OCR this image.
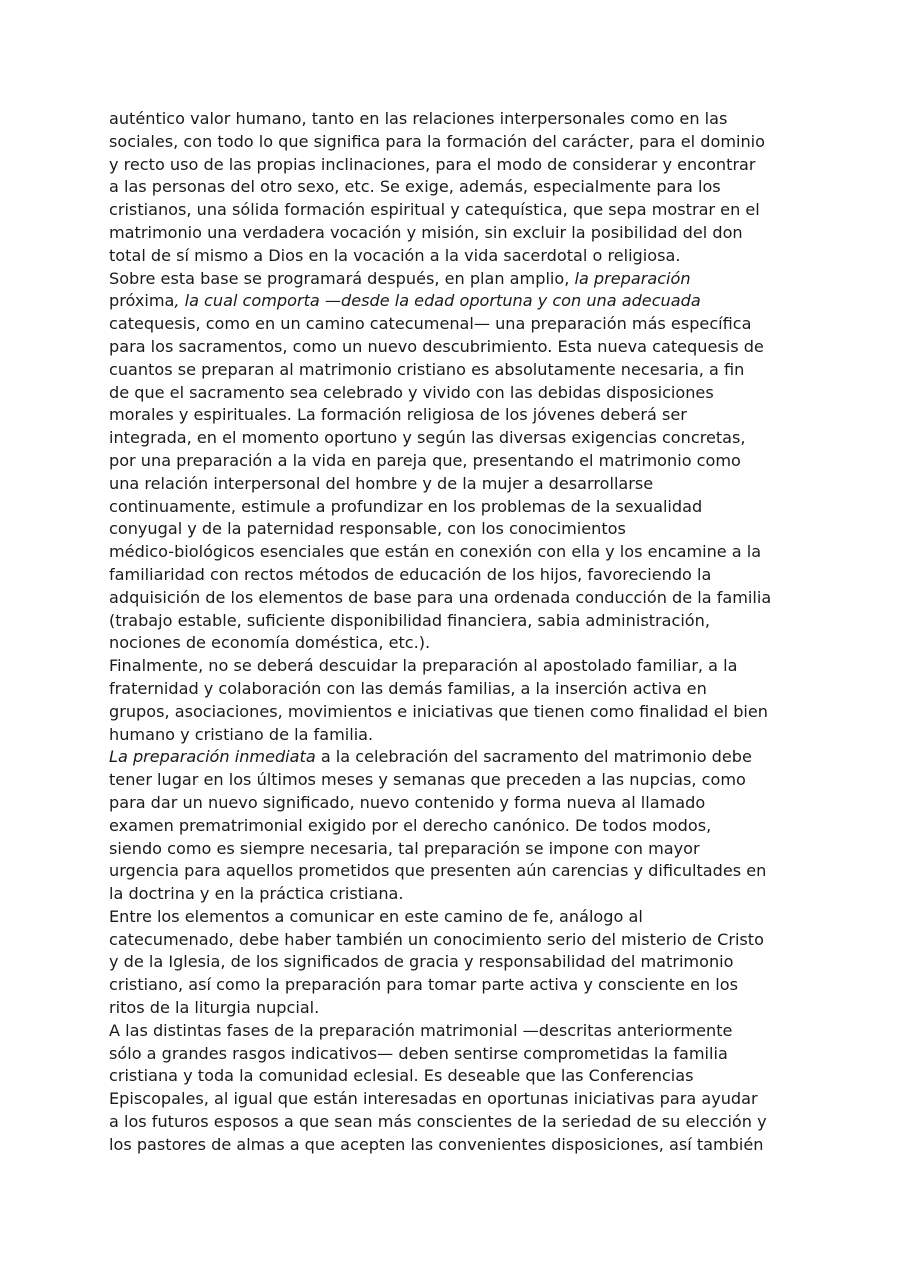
auténtico valor humano, tanto en las relaciones interpersonales como en las
sociales, con todo lo que significa para la formación del carácter, para el dominio
y recto uso de las propias inclinaciones, para el modo de considerar y encontrar
a las personas del otro sexo, etc. Se exige, además, especialmente para los
cristianos, una sólida formación espiritual y catequística, que sepa mostrar en el
matrimonio una verdadera vocación y misión, sin excluir la posibilidad del don
total de sí mismo a Dios en la vocación a la vida sacerdotal o religiosa.
Sobre esta base se programará después, en plan amplio, la preparación
próxima, la cual comporta —desde la edad oportuna y con una adecuada
catequesis, como en un camino catecumenal— una preparación más específica
para los sacramentos, como un nuevo descubrimiento. Esta nueva catequesis de
cuantos se preparan al matrimonio cristiano es absolutamente necesaria, a fin
de que el sacramento sea celebrado y vivido con las debidas disposiciones
morales y espirituales. La formación religiosa de los jóvenes deberá ser
integrada, en el momento oportuno y según las diversas exigencias concretas,
por una preparación a la vida en pareja que, presentando el matrimonio como
una relación interpersonal del hombre y de la mujer a desarrollarse
continuamente, estimule a profundizar en los problemas de la sexualidad
conyugal y de la paternidad responsable, con los conocimientos
médico-biológicos esenciales que están en conexión con ella y los encamine a la
familiaridad con rectos métodos de educación de los hijos, favoreciendo la
adquisición de los elementos de base para una ordenada conducción de la familia
(trabajo estable, suficiente disponibilidad financiera, sabia administración,
nociones de economía doméstica, etc.).
Finalmente, no se deberá descuidar la preparación al apostolado familiar, a la
fraternidad y colaboración con las demás familias, a la inserción activa en
grupos, asociaciones, movimientos e iniciativas que tienen como finalidad el bien
humano y cristiano de la familia.
La preparación inmediata a la celebración del sacramento del matrimonio debe
tener lugar en los últimos meses y semanas que preceden a las nupcias, como
para dar un nuevo significado, nuevo contenido y forma nueva al llamado
examen prematrimonial exigido por el derecho canónico. De todos modos,
siendo como es siempre necesaria, tal preparación se impone con mayor
urgencia para aquellos prometidos que presenten aún carencias y dificultades en
la doctrina y en la práctica cristiana.
Entre los elementos a comunicar en este camino de fe, análogo al
catecumenado, debe haber también un conocimiento serio del misterio de Cristo
y de la Iglesia, de los significados de gracia y responsabilidad del matrimonio
cristiano, así como la preparación para tomar parte activa y consciente en los
ritos de la liturgia nupcial.
A las distintas fases de la preparación matrimonial —descritas anteriormente
sólo a grandes rasgos indicativos— deben sentirse comprometidas la familia
cristiana y toda la comunidad eclesial. Es deseable que las Conferencias
Episcopales, al igual que están interesadas en oportunas iniciativas para ayudar
a los futuros esposos a que sean más conscientes de la seriedad de su elección y
los pastores de almas a que acepten las convenientes disposiciones, así también
